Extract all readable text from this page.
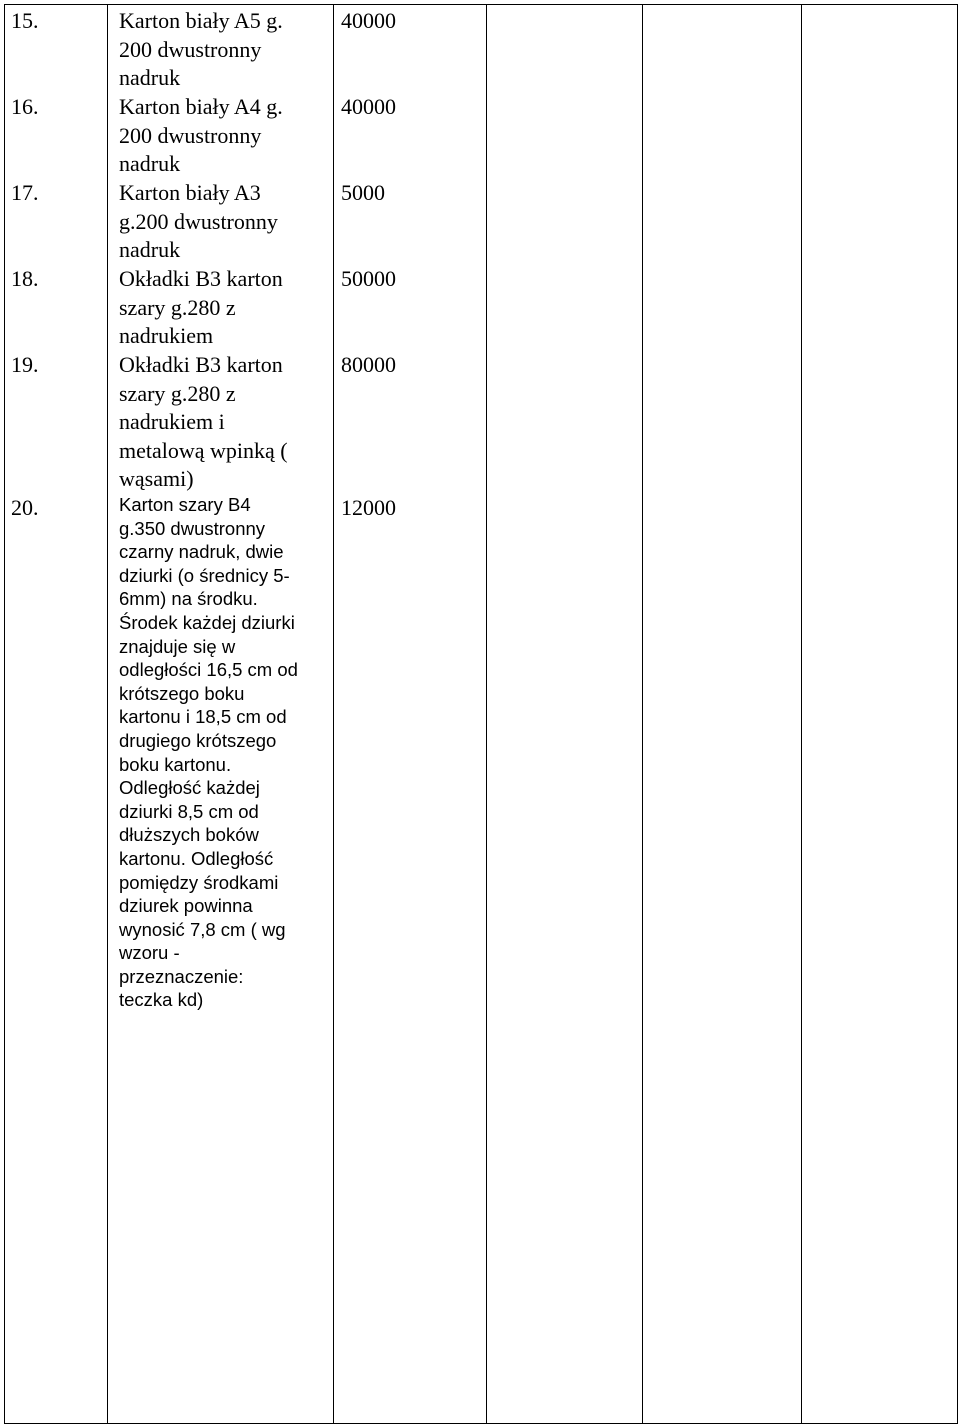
15.	Karton biały A5 g.
200 dwustronny
nadruk
40000
16.	Karton biały A4 g.
200 dwustronny
nadruk
40000
17.	Karton biały A3
g.200 dwustronny
nadruk
5000
18.	Okładki B3 karton
szary g.280 z
nadrukiem
50000
19.	Okładki B3 karton
szary g.280 z
nadrukiem i
metalową wpinką (
wąsami)
80000
20.	Karton szary B4
g.350 dwustronny
czarny nadruk, dwie
dziurki (o średnicy 5-
6mm) na środku.
Środek każdej dziurki
znajduje się w
odległości 16,5 cm od
krótszego boku
kartonu i 18,5 cm od
drugiego krótszego
boku kartonu.
Odległość każdej
dziurki 8,5 cm od
dłuższych boków
kartonu. Odległość
pomiędzy środkami
dziurek powinna
wynosić 7,8 cm ( wg
wzoru -
przeznaczenie:
teczka kd)
12000
